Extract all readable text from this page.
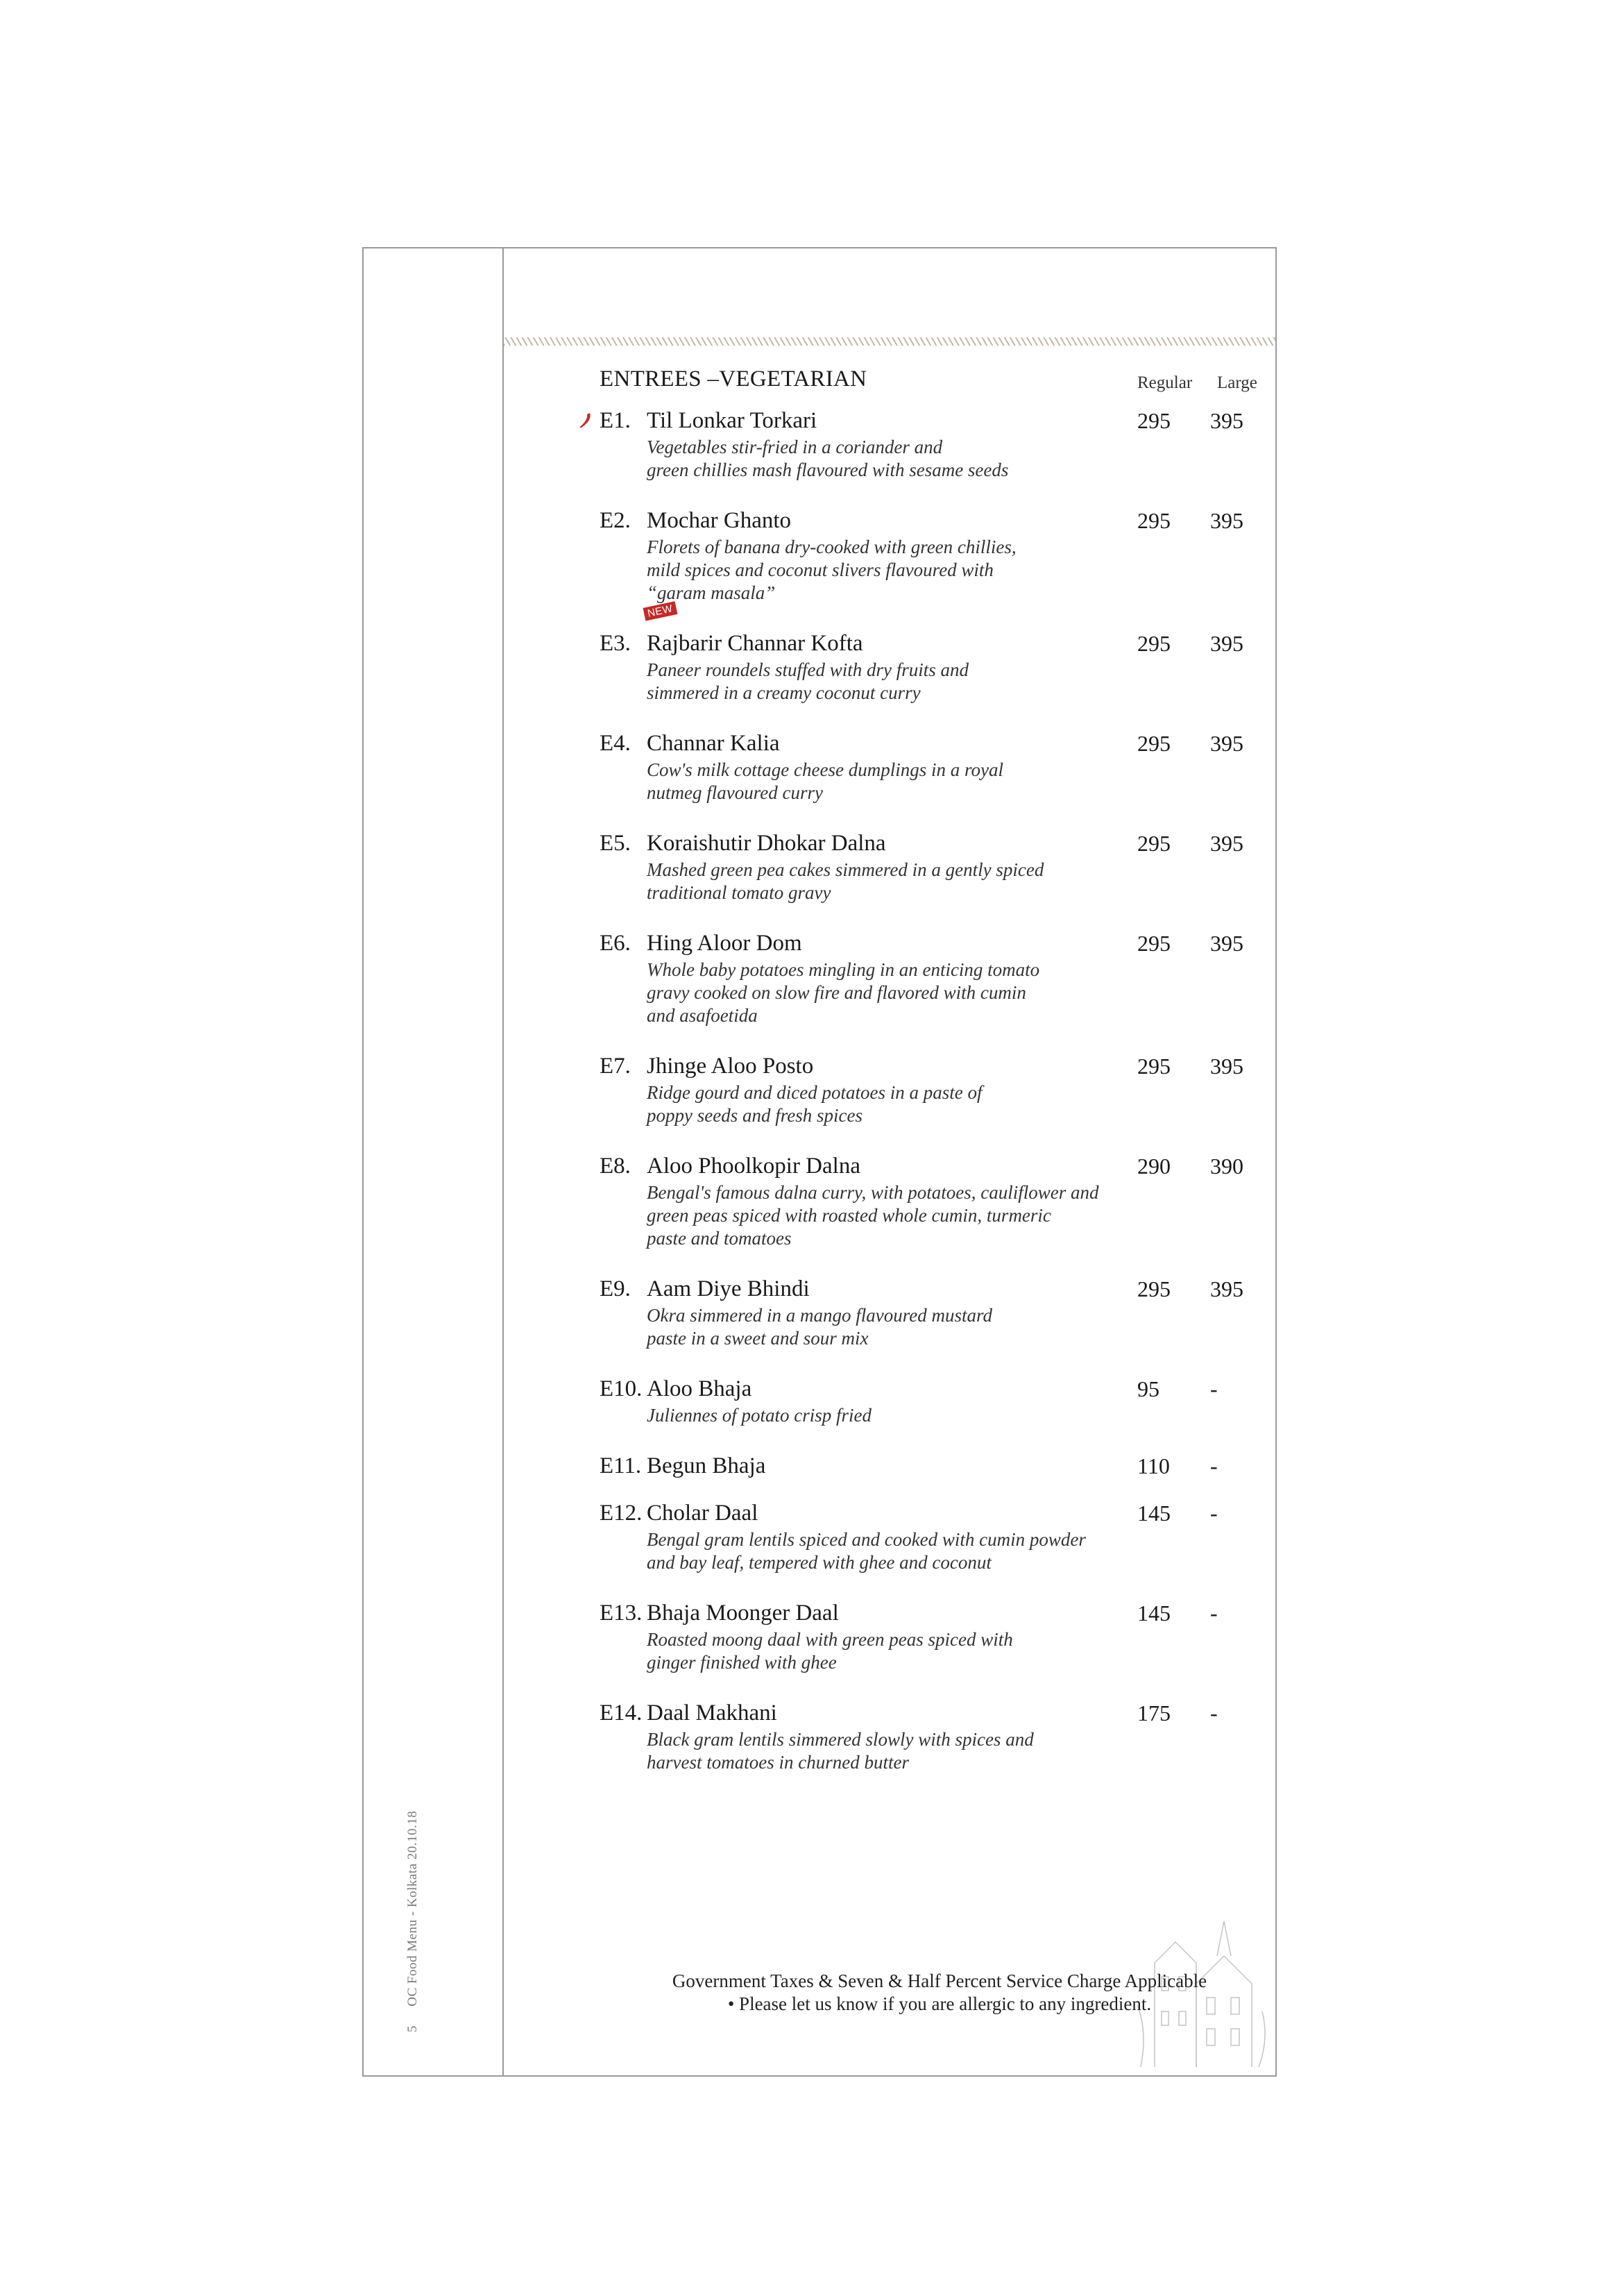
5 OC Food Menu - Kolkata 20.10.18
ENTREES –VEGETARIAN	Regular Large
E1. Til Lonkar Torkari	295 395
Vegetables stir-fried in a coriander and
green chillies mash flavoured with sesame seeds
E2. Mochar Ghanto	295 395
Florets of banana dry-cooked with green chillies,
mild spices and coconut slivers flavoured with
“garam masala”
NEW
E3. Rajbarir Channar Kofta	295 395
Paneer roundels stuffed with dry fruits and
simmered in a creamy coconut curry
E4. Channar Kalia	295 395
Cow's milk cottage cheese dumplings in a royal
nutmeg flavoured curry
E5. Koraishutir Dhokar Dalna	295 395
Mashed green pea cakes simmered in a gently spiced
traditional tomato gravy
E6. Hing Aloor Dom	295 395
Whole baby potatoes mingling in an enticing tomato
gravy cooked on slow fire and flavored with cumin
and asafoetida
E7. Jhinge Aloo Posto	295 395
Ridge gourd and diced potatoes in a paste of
poppy seeds and fresh spices
E8. Aloo Phoolkopir Dalna	290 390
Bengal's famous dalna curry, with potatoes, cauliflower and
green peas spiced with roasted whole cumin, turmeric
paste and tomatoes
E9. Aam Diye Bhindi	295 395
Okra simmered in a mango flavoured mustard
paste in a sweet and sour mix
E10. Aloo Bhaja	95 -
Juliennes of potato crisp fried
E11. Begun Bhaja	110 -
E12. Cholar Daal	145 -
Bengal gram lentils spiced and cooked with cumin powder
and bay leaf, tempered with ghee and coconut
E13. Bhaja Moonger Daal	145 -
Roasted moong daal with green peas spiced with
ginger finished with ghee
E14. Daal Makhani	175 -
Black gram lentils simmered slowly with spices and
harvest tomatoes in churned butter
Government Taxes & Seven & Half Percent Service Charge Applicable
• Please let us know if you are allergic to any ingredient.
